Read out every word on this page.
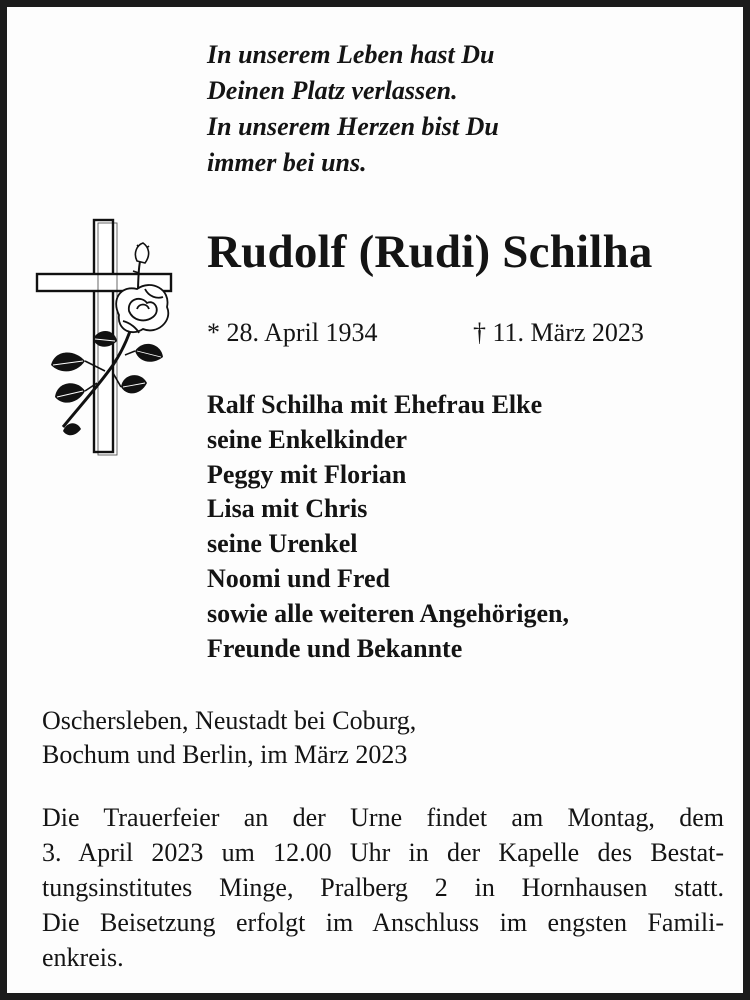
In unserem Leben hast Du
Deinen Platz verlassen.
In unserem Herzen bist Du
immer bei uns.
Rudolf (Rudi) Schilha
* 28. April 1934	† 11. März 2023
Ralf Schilha mit Ehefrau Elke
seine Enkelkinder
Peggy mit Florian
Lisa mit Chris
seine Urenkel
Noomi und Fred
sowie alle weiteren Angehörigen,
Freunde und Bekannte
Oschersleben, Neustadt bei Coburg,
Bochum und Berlin, im März 2023
Die Trauerfeier an der Urne findet am Montag, dem
3. April 2023 um 12.00 Uhr in der Kapelle des Bestat-
tungsinstitutes Minge, Pralberg 2 in Hornhausen statt.
Die Beisetzung erfolgt im Anschluss im engsten Famili-
enkreis.
